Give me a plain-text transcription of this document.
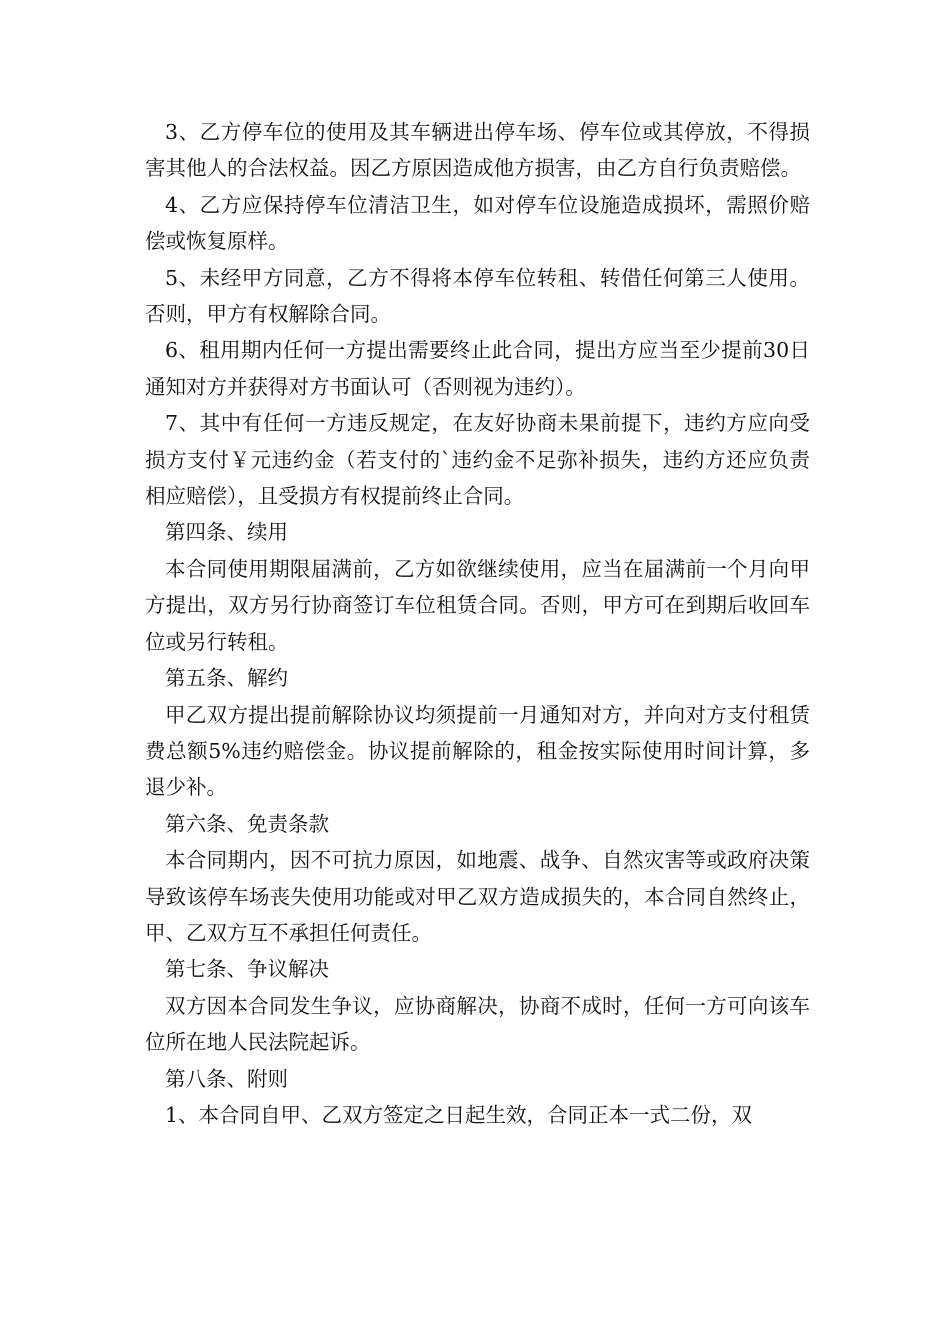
3、乙方停车位的使用及其车辆进出停车场、停车位或其停放，不得损害其他人的合法权益。因乙方原因造成他方损害，由乙方自行负责赔偿。

4、乙方应保持停车位清洁卫生，如对停车位设施造成损坏，需照价赔偿或恢复原样。

5、未经甲方同意，乙方不得将本停车位转租、转借任何第三人使用。否则，甲方有权解除合同。

6、租用期内任何一方提出需要终止此合同，提出方应当至少提前30日通知对方并获得对方书面认可（否则视为违约）。

7、其中有任何一方违反规定，在友好协商未果前提下，违约方应向受损方支付￥元违约金（若支付的`违约金不足弥补损失，违约方还应负责相应赔偿），且受损方有权提前终止合同。

第四条、续用

本合同使用期限届满前，乙方如欲继续使用，应当在届满前一个月向甲方提出，双方另行协商签订车位租赁合同。否则，甲方可在到期后收回车位或另行转租。

第五条、解约

甲乙双方提出提前解除协议均须提前一月通知对方，并向对方支付租赁费总额5%违约赔偿金。协议提前解除的，租金按实际使用时间计算，多退少补。

第六条、免责条款

本合同期内，因不可抗力原因，如地震、战争、自然灾害等或政府决策导致该停车场丧失使用功能或对甲乙双方造成损失的，本合同自然终止，甲、乙双方互不承担任何责任。

第七条、争议解决

双方因本合同发生争议，应协商解决，协商不成时，任何一方可向该车位所在地人民法院起诉。

第八条、附则

1、本合同自甲、乙双方签定之日起生效，合同正本一式二份，双
